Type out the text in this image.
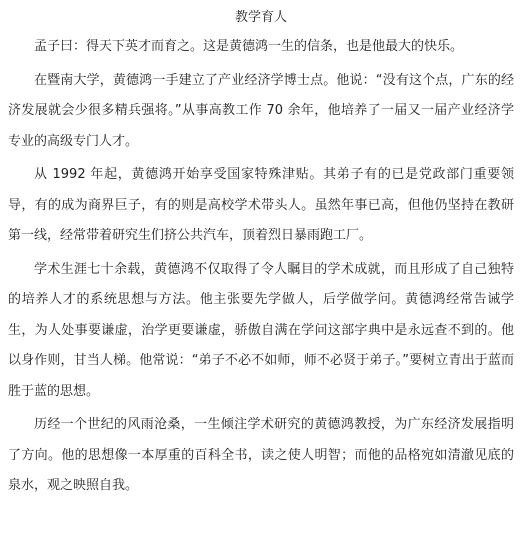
教学育人

孟子曰：得天下英才而育之。这是黄德鸿一生的信条，也是他最大的快乐。

在暨南大学，黄德鸿一手建立了产业经济学博士点。他说：“没有这个点，广东的经济发展就会少很多精兵强将。”从事高教工作 70 余年，他培养了一届又一届产业经济学专业的高级专门人才。

从 1992 年起，黄德鸿开始享受国家特殊津贴。其弟子有的已是党政部门重要领导，有的成为商界巨子，有的则是高校学术带头人。虽然年事已高，但他仍坚持在教研第一线，经常带着研究生们挤公共汽车，顶着烈日暴雨跑工厂。

学术生涯七十余载，黄德鸿不仅取得了令人瞩目的学术成就，而且形成了自己独特的培养人才的系统思想与方法。他主张要先学做人，后学做学问。黄德鸿经常告诫学生，为人处事要谦虚，治学更要谦虚，骄傲自满在学问这部字典中是永远查不到的。他以身作则，甘当人梯。他常说：“弟子不必不如师，师不必贤于弟子。”要树立青出于蓝而胜于蓝的思想。

历经一个世纪的风雨沧桑，一生倾注学术研究的黄德鸿教授，为广东经济发展指明了方向。他的思想像一本厚重的百科全书，读之使人明智；而他的品格宛如清澈见底的泉水，观之映照自我。
